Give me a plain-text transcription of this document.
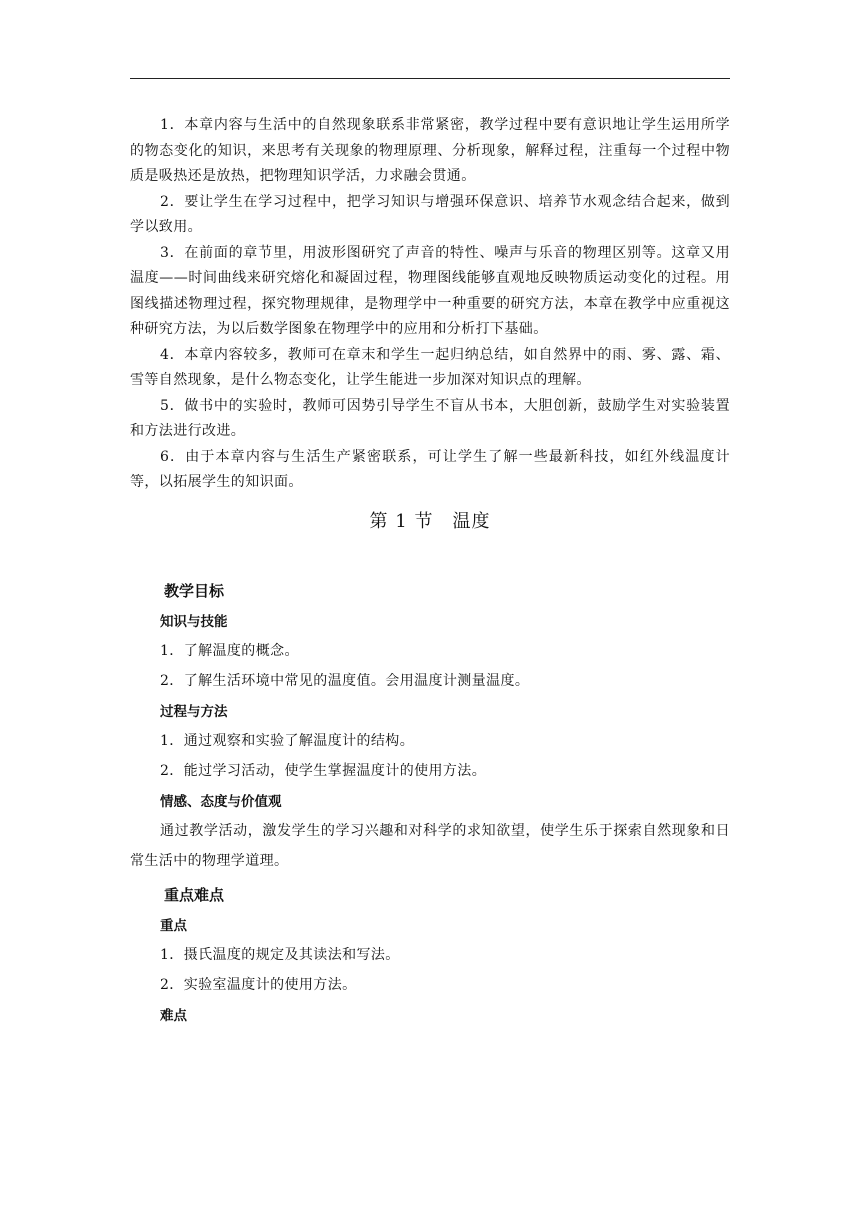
1．本章内容与生活中的自然现象联系非常紧密，教学过程中要有意识地让学生运用所学的物态变化的知识，来思考有关现象的物理原理、分析现象，解释过程，注重每一个过程中物质是吸热还是放热，把物理知识学活，力求融会贯通。

2．要让学生在学习过程中，把学习知识与增强环保意识、培养节水观念结合起来，做到学以致用。

3．在前面的章节里，用波形图研究了声音的特性、噪声与乐音的物理区别等。这章又用温度——时间曲线来研究熔化和凝固过程，物理图线能够直观地反映物质运动变化的过程。用图线描述物理过程，探究物理规律，是物理学中一种重要的研究方法，本章在教学中应重视这种研究方法，为以后数学图象在物理学中的应用和分析打下基础。

4．本章内容较多，教师可在章末和学生一起归纳总结，如自然界中的雨、雾、露、霜、雪等自然现象，是什么物态变化，让学生能进一步加深对知识点的理解。

5．做书中的实验时，教师可因势引导学生不盲从书本，大胆创新，鼓励学生对实验装置和方法进行改进。

6．由于本章内容与生活生产紧密联系，可让学生了解一些最新科技，如红外线温度计等，以拓展学生的知识面。

第 1 节　温度
教学目标
知识与技能
1．了解温度的概念。
2．了解生活环境中常见的温度值。会用温度计测量温度。
过程与方法
1．通过观察和实验了解温度计的结构。
2．能过学习活动，使学生掌握温度计的使用方法。
情感、态度与价值观

通过教学活动，激发学生的学习兴趣和对科学的求知欲望，使学生乐于探索自然现象和日常生活中的物理学道理。

重点难点
重点
1．摄氏温度的规定及其读法和写法。
2．实验室温度计的使用方法。
难点
